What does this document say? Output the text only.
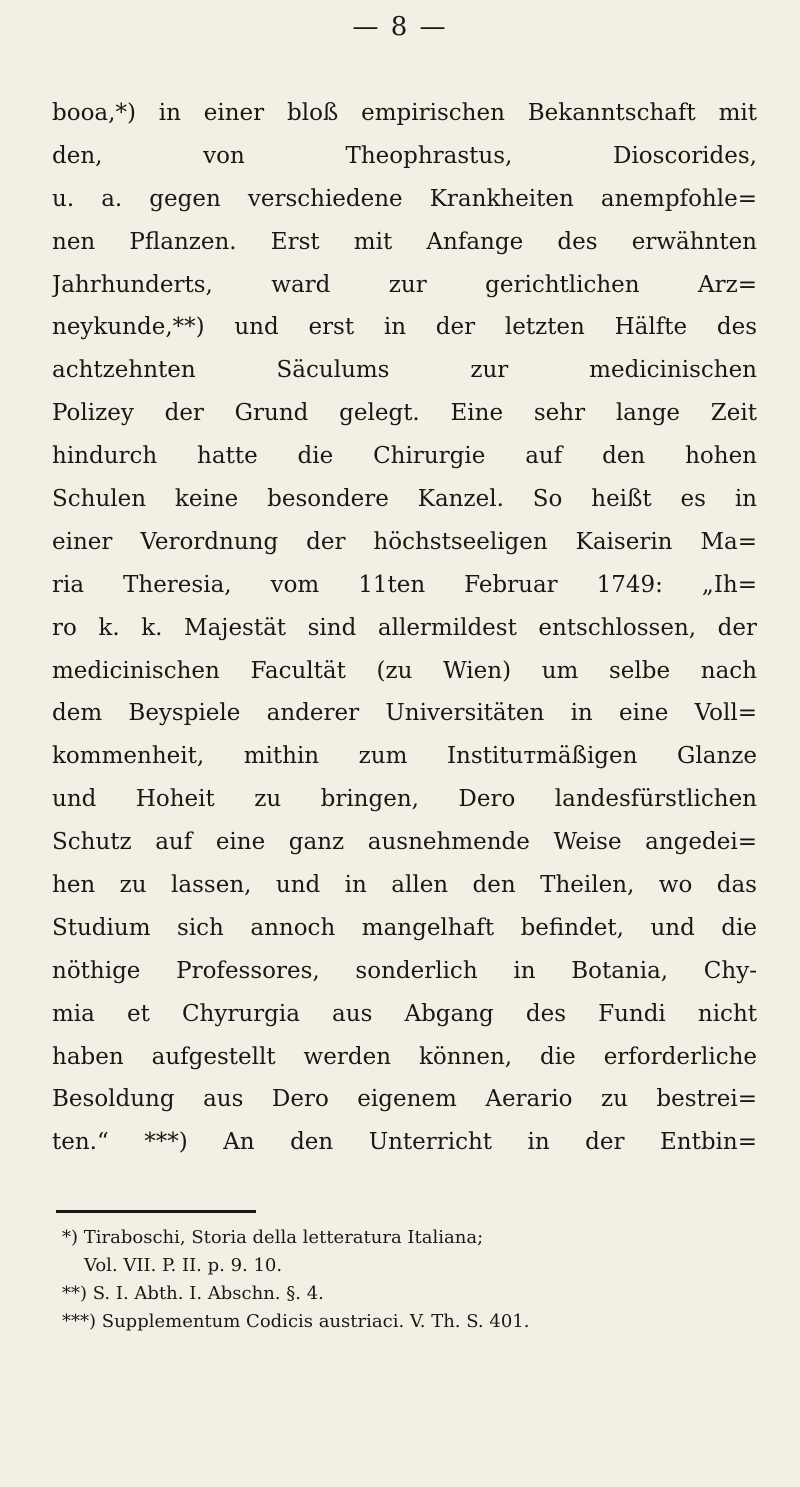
— 8 —
booa,*) in einer bloß empirischen Bekanntschaft mit
den, von Theophrastus, Dioscorides,
u. a. gegen verschiedene Krankheiten anempfohle=
nen Pflanzen. Erst mit Anfange des erwähnten
Jahrhunderts, ward zur gerichtlichen Arz=
neykunde,**) und erst in der letzten Hälfte des
achtzehnten Säculums zur medicinischen
Polizey der Grund gelegt. Eine sehr lange Zeit
hindurch hatte die Chirurgie auf den hohen
Schulen keine besondere Kanzel. So heißt es in
einer Verordnung der höchstseeligen Kaiserin Ma=
ria Theresia, vom 11ten Februar 1749: „Ih=
ro k. k. Majestät sind allermildest entschlossen, der
medicinischen Facultät (zu Wien) um selbe nach
dem Beyspiele anderer Universitäten in eine Voll=
kommenheit, mithin zum Instituтmäßigen Glanze
und Hoheit zu bringen, Dero landesfürstlichen
Schutz auf eine ganz ausnehmende Weise angedei=
hen zu lassen, und in allen den Theilen, wo das
Studium sich annoch mangelhaft befindet, und die
nöthige Professores, sonderlich in Botania, Chy-
mia et Chyrurgia aus Abgang des Fundi nicht
haben aufgestellt werden können, die erforderliche
Besoldung aus Dero eigenem Aerario zu bestrei=
ten.“ ***) An den Unterricht in der Entbin=
*) Tiraboschi, Storia della letteratura Italiana;
Vol. VII. P. II. p. 9. 10.
**) S. I. Abth. I. Abschn. §. 4.
***) Supplementum Codicis austriaci. V. Th. S. 401.
